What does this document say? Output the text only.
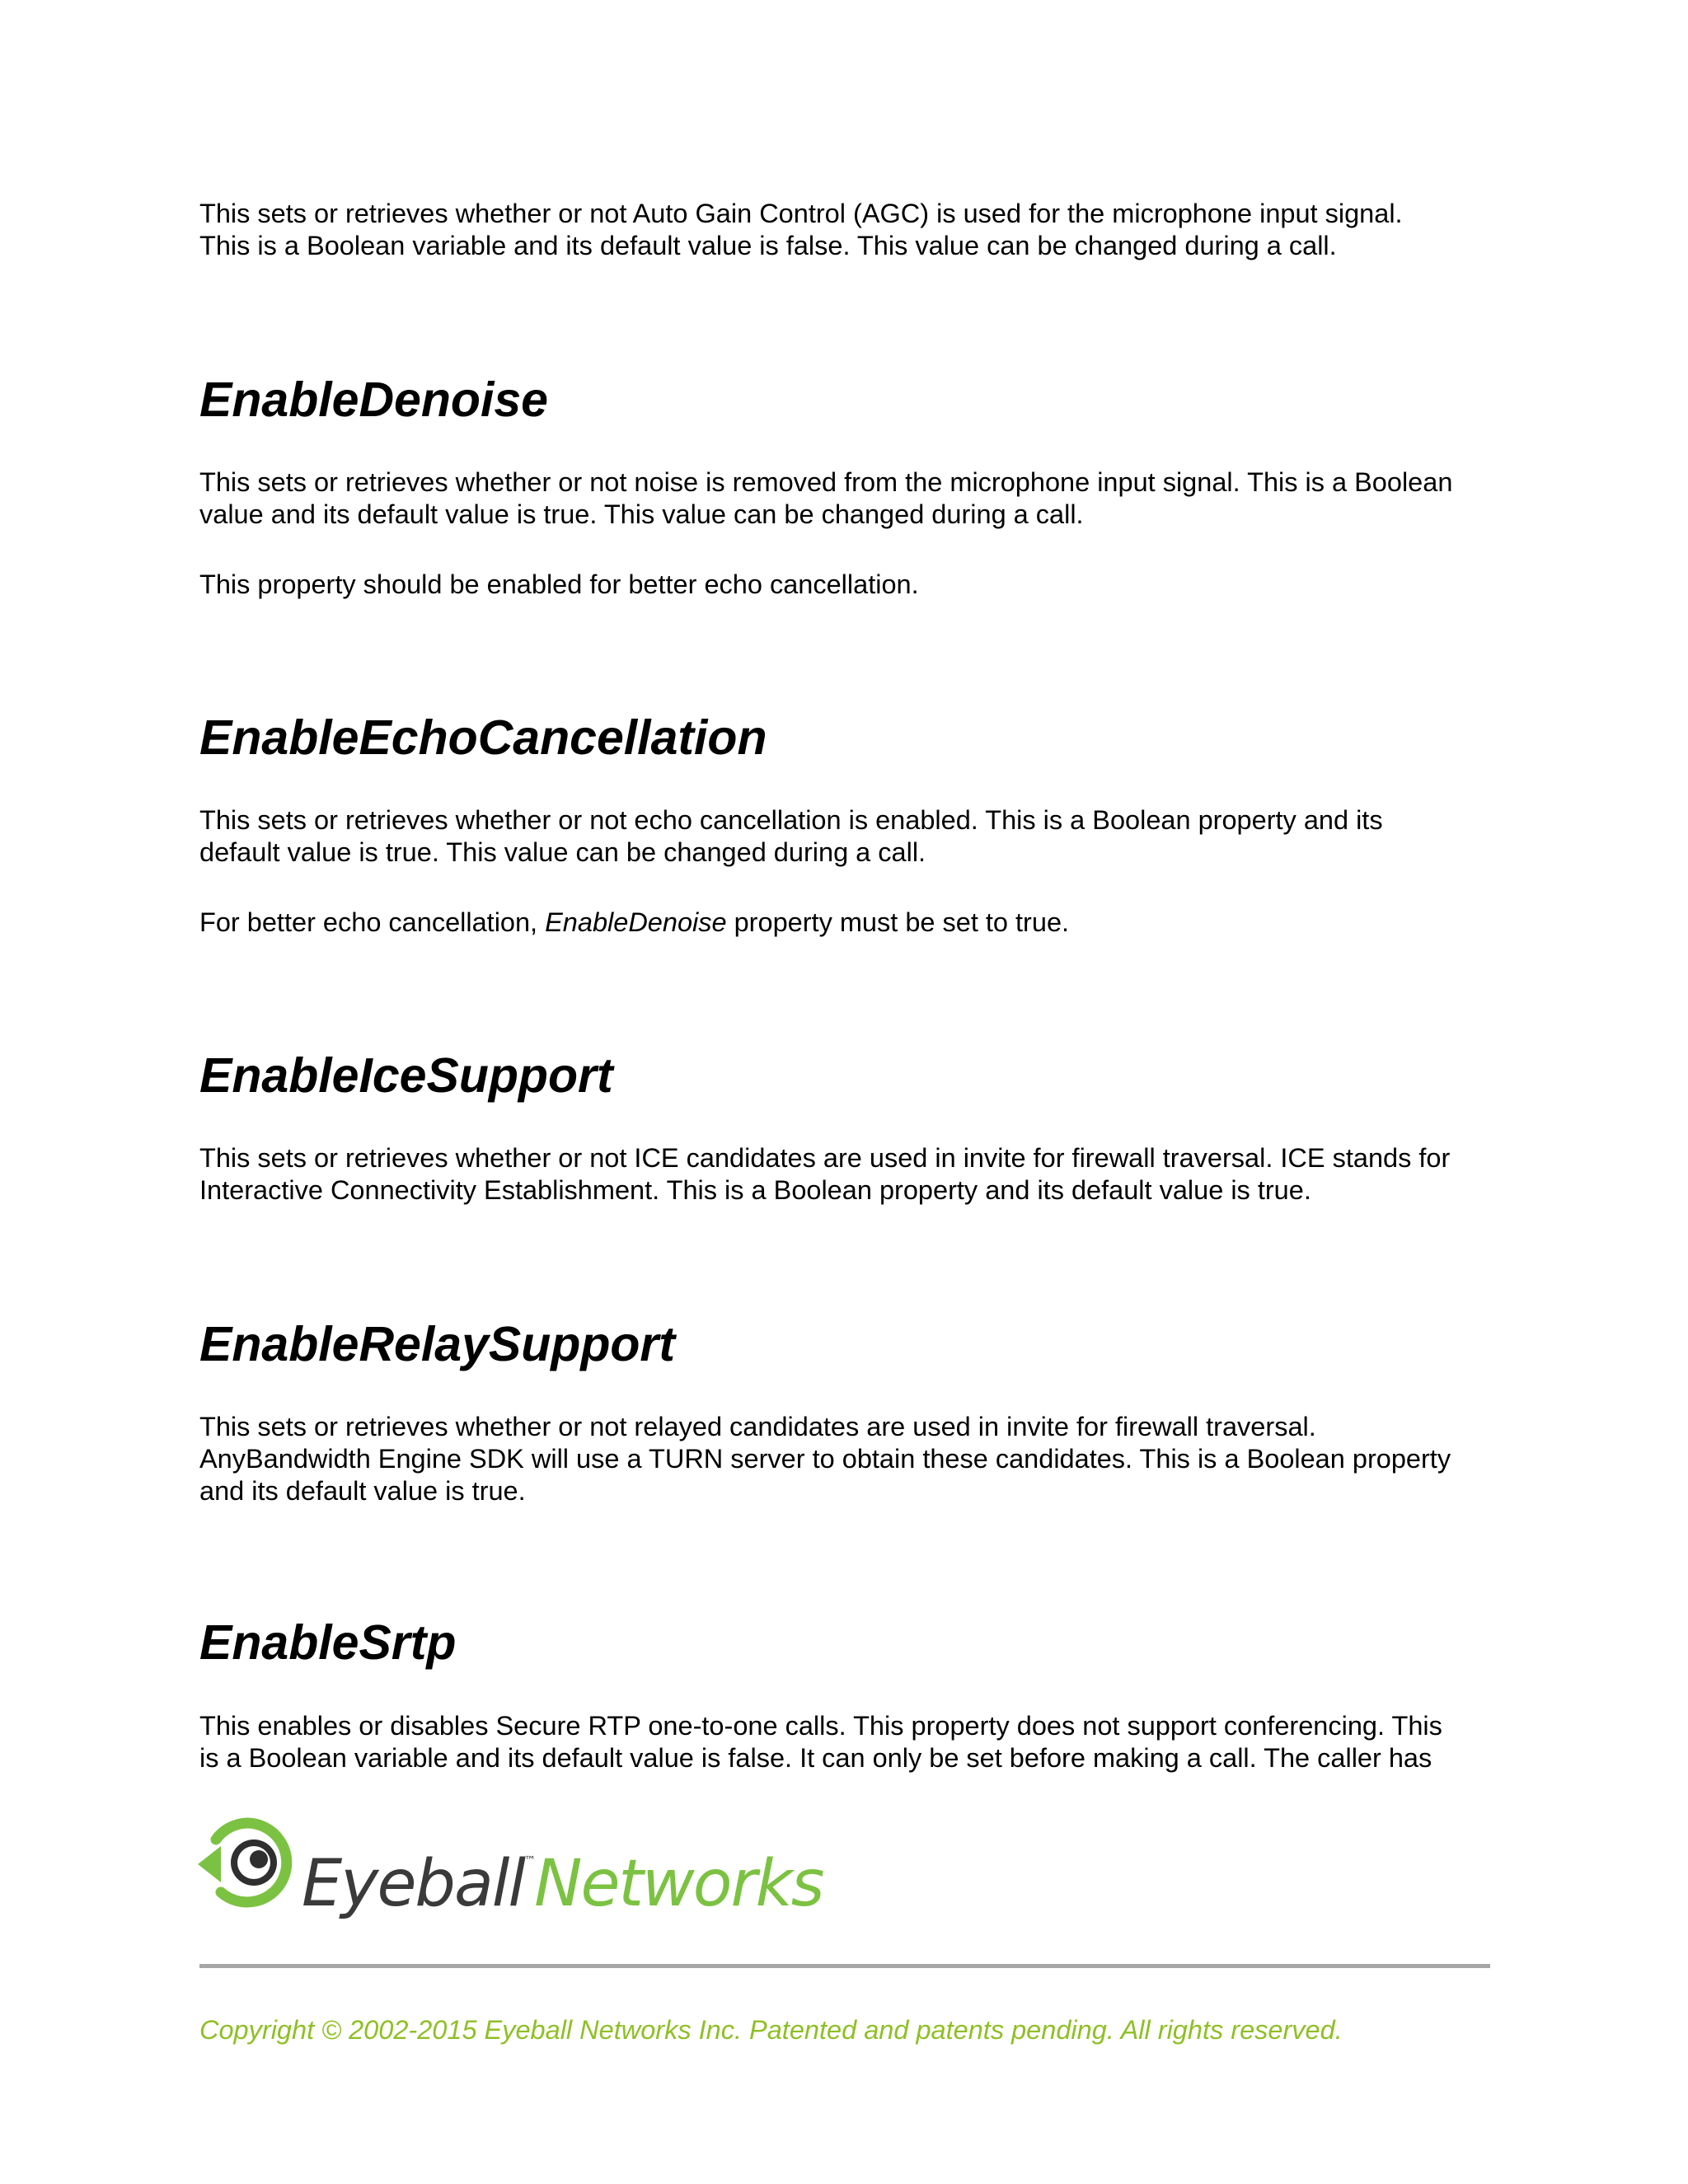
This sets or retrieves whether or not Auto Gain Control (AGC) is used for the microphone input signal.

This is a Boolean variable and its default value is false. This value can be changed during a call.

EnableDenoise

This sets or retrieves whether or not noise is removed from the microphone input signal. This is a Boolean

value and its default value is true. This value can be changed during a call.

This property should be enabled for better echo cancellation.

EnableEchoCancellation

This sets or retrieves whether or not echo cancellation is enabled. This is a Boolean property and its

default value is true. This value can be changed during a call.

For better echo cancellation, EnableDenoise property must be set to true.

EnableIceSupport

This sets or retrieves whether or not ICE candidates are used in invite for firewall traversal. ICE stands for

Interactive Connectivity Establishment. This is a Boolean property and its default value is true.

EnableRelaySupport

This sets or retrieves whether or not relayed candidates are used in invite for firewall traversal.

AnyBandwidth Engine SDK will use a TURN server to obtain these candidates. This is a Boolean property

and its default value is true.

EnableSrtp

This enables or disables Secure RTP one-to-one calls. This property does not support conferencing. This

is a Boolean variable and its default value is false. It can only be set before making a call. The caller has

Eyeball™Networks
Copyright © 2002-2015 Eyeball Networks Inc. Patented and patents pending. All rights reserved.
